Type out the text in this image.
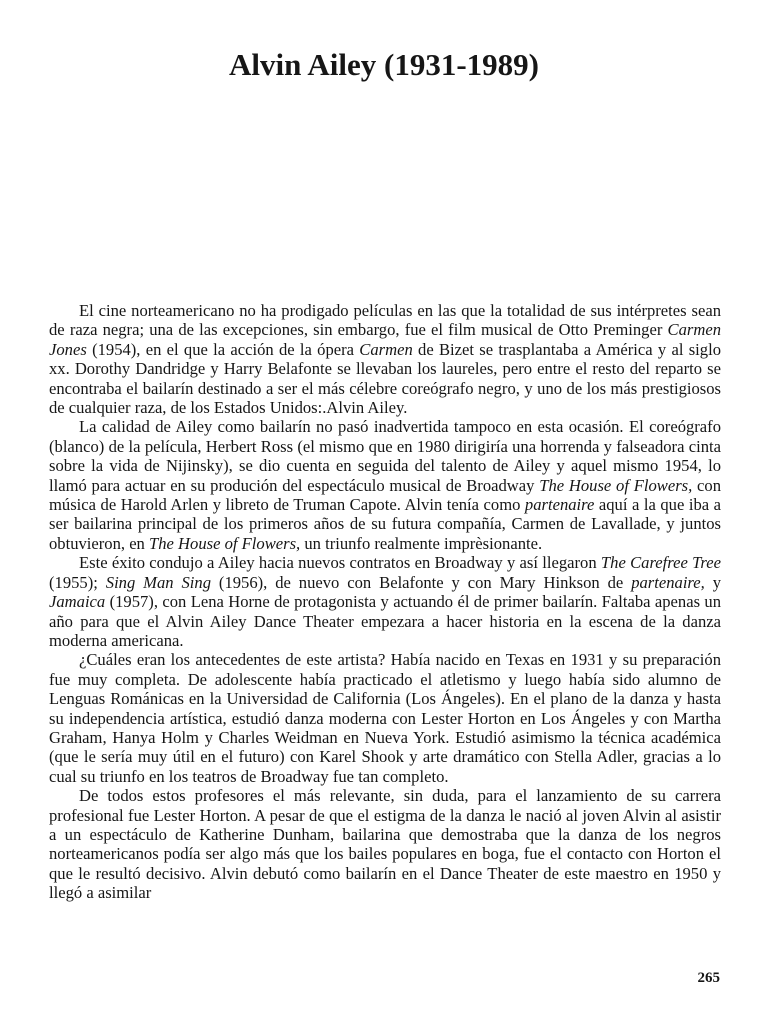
Alvin Ailey (1931-1989)

El cine norteamericano no ha prodigado películas en las que la totalidad de sus intérpretes sean de raza negra; una de las excepciones, sin embargo, fue el film musical de Otto Preminger Carmen Jones (1954), en el que la acción de la ópera Carmen de Bizet se trasplantaba a América y al siglo xx. Dorothy Dandridge y Harry Belafonte se llevaban los laureles, pero entre el resto del reparto se encontraba el bailarín destinado a ser el más célebre coreógrafo negro, y uno de los más prestigiosos de cualquier raza, de los Estados Unidos:.Alvin Ailey.

La calidad de Ailey como bailarín no pasó inadvertida tampoco en esta ocasión. El coreógrafo (blanco) de la película, Herbert Ross (el mismo que en 1980 dirigiría una horrenda y falseadora cinta sobre la vida de Nijinsky), se dio cuenta en seguida del talento de Ailey y aquel mismo 1954, lo llamó para actuar en su produción del espectáculo musical de Broadway The House of Flowers, con música de Harold Arlen y libreto de Truman Capote. Alvin tenía como partenaire aquí a la que iba a ser bailarina principal de los primeros años de su futura compañía, Carmen de Lavallade, y juntos obtuvieron, en The House of Flowers, un triunfo realmente imprèsionante.

Este éxito condujo a Ailey hacia nuevos contratos en Broadway y así llegaron The Carefree Tree (1955); Sing Man Sing (1956), de nuevo con Belafonte y con Mary Hinkson de partenaire, y Jamaica (1957), con Lena Horne de protagonista y actuando él de primer bailarín. Faltaba apenas un año para que el Alvin Ailey Dance Theater empezara a hacer historia en la escena de la danza moderna americana.

¿Cuáles eran los antecedentes de este artista? Había nacido en Texas en 1931 y su preparación fue muy completa. De adolescente había practicado el atletismo y luego había sido alumno de Lenguas Románicas en la Universidad de California (Los Ángeles). En el plano de la danza y hasta su independencia artística, estudió danza moderna con Lester Horton en Los Ángeles y con Martha Graham, Hanya Holm y Charles Weidman en Nueva York. Estudió asimismo la técnica académica (que le sería muy útil en el futuro) con Karel Shook y arte dramático con Stella Adler, gracias a lo cual su triunfo en los teatros de Broadway fue tan completo.

De todos estos profesores el más relevante, sin duda, para el lanzamiento de su carrera profesional fue Lester Horton. A pesar de que el estigma de la danza le nació al joven Alvin al asistir a un espectáculo de Katherine Dunham, bailarina que demostraba que la danza de los negros norteamericanos podía ser algo más que los bailes populares en boga, fue el contacto con Horton el que le resultó decisivo. Alvin debutó como bailarín en el Dance Theater de este maestro en 1950 y llegó a asimilar

265
